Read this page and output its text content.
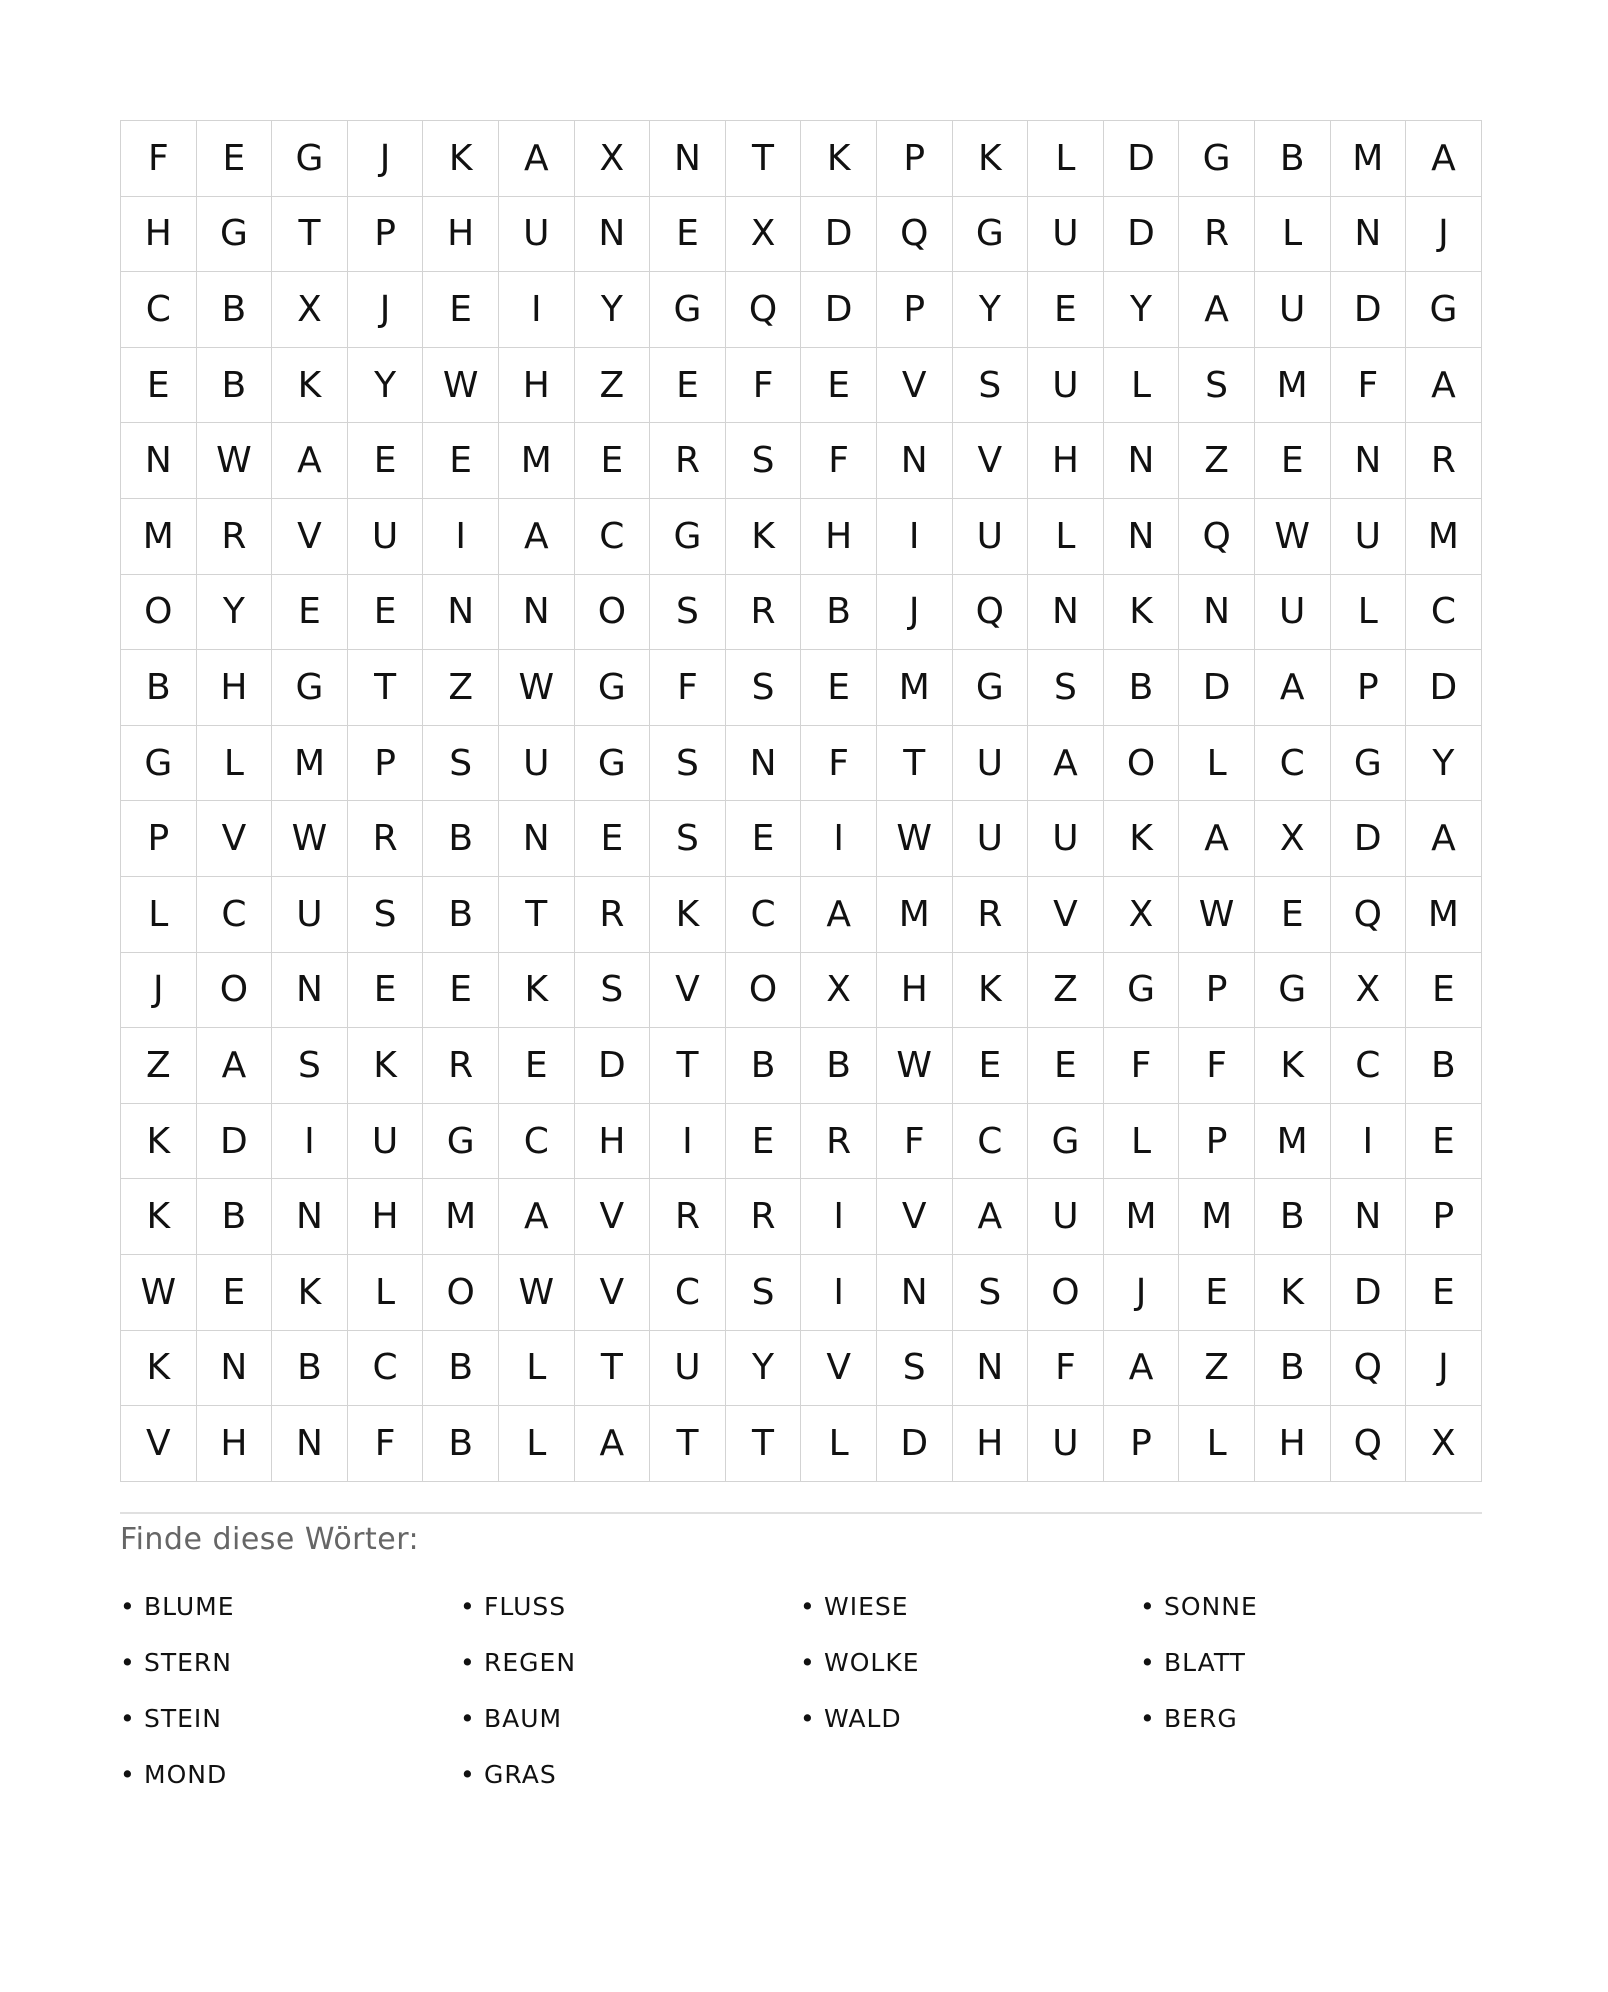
F	E	G	J	K	A	X	N	T	K	P	K	L	D	G	B	M	A
H	G	T	P	H	U	N	E	X	D	Q	G	U	D	R	L	N	J
C	B	X	J	E	I	Y	G	Q	D	P	Y	E	Y	A	U	D	G
E	B	K	Y	W	H	Z	E	F	E	V	S	U	L	S	M	F	A
N	W	A	E	E	M	E	R	S	F	N	V	H	N	Z	E	N	R
M	R	V	U	I	A	C	G	K	H	I	U	L	N	Q	W	U	M
O	Y	E	E	N	N	O	S	R	B	J	Q	N	K	N	U	L	C
B	H	G	T	Z	W	G	F	S	E	M	G	S	B	D	A	P	D
G	L	M	P	S	U	G	S	N	F	T	U	A	O	L	C	G	Y
P	V	W	R	B	N	E	S	E	I	W	U	U	K	A	X	D	A
L	C	U	S	B	T	R	K	C	A	M	R	V	X	W	E	Q	M
J	O	N	E	E	K	S	V	O	X	H	K	Z	G	P	G	X	E
Z	A	S	K	R	E	D	T	B	B	W	E	E	F	F	K	C	B
K	D	I	U	G	C	H	I	E	R	F	C	G	L	P	M	I	E
K	B	N	H	M	A	V	R	R	I	V	A	U	M	M	B	N	P
W	E	K	L	O	W	V	C	S	I	N	S	O	J	E	K	D	E
K	N	B	C	B	L	T	U	Y	V	S	N	F	A	Z	B	Q	J
V	H	N	F	B	L	A	T	T	L	D	H	U	P	L	H	Q	X
Finde diese Wörter:
• BLUME	• FLUSS	• WIESE	• SONNE
• STERN	• REGEN	• WOLKE	• BLATT
• STEIN	• BAUM	• WALD	• BERG
• MOND	• GRAS
